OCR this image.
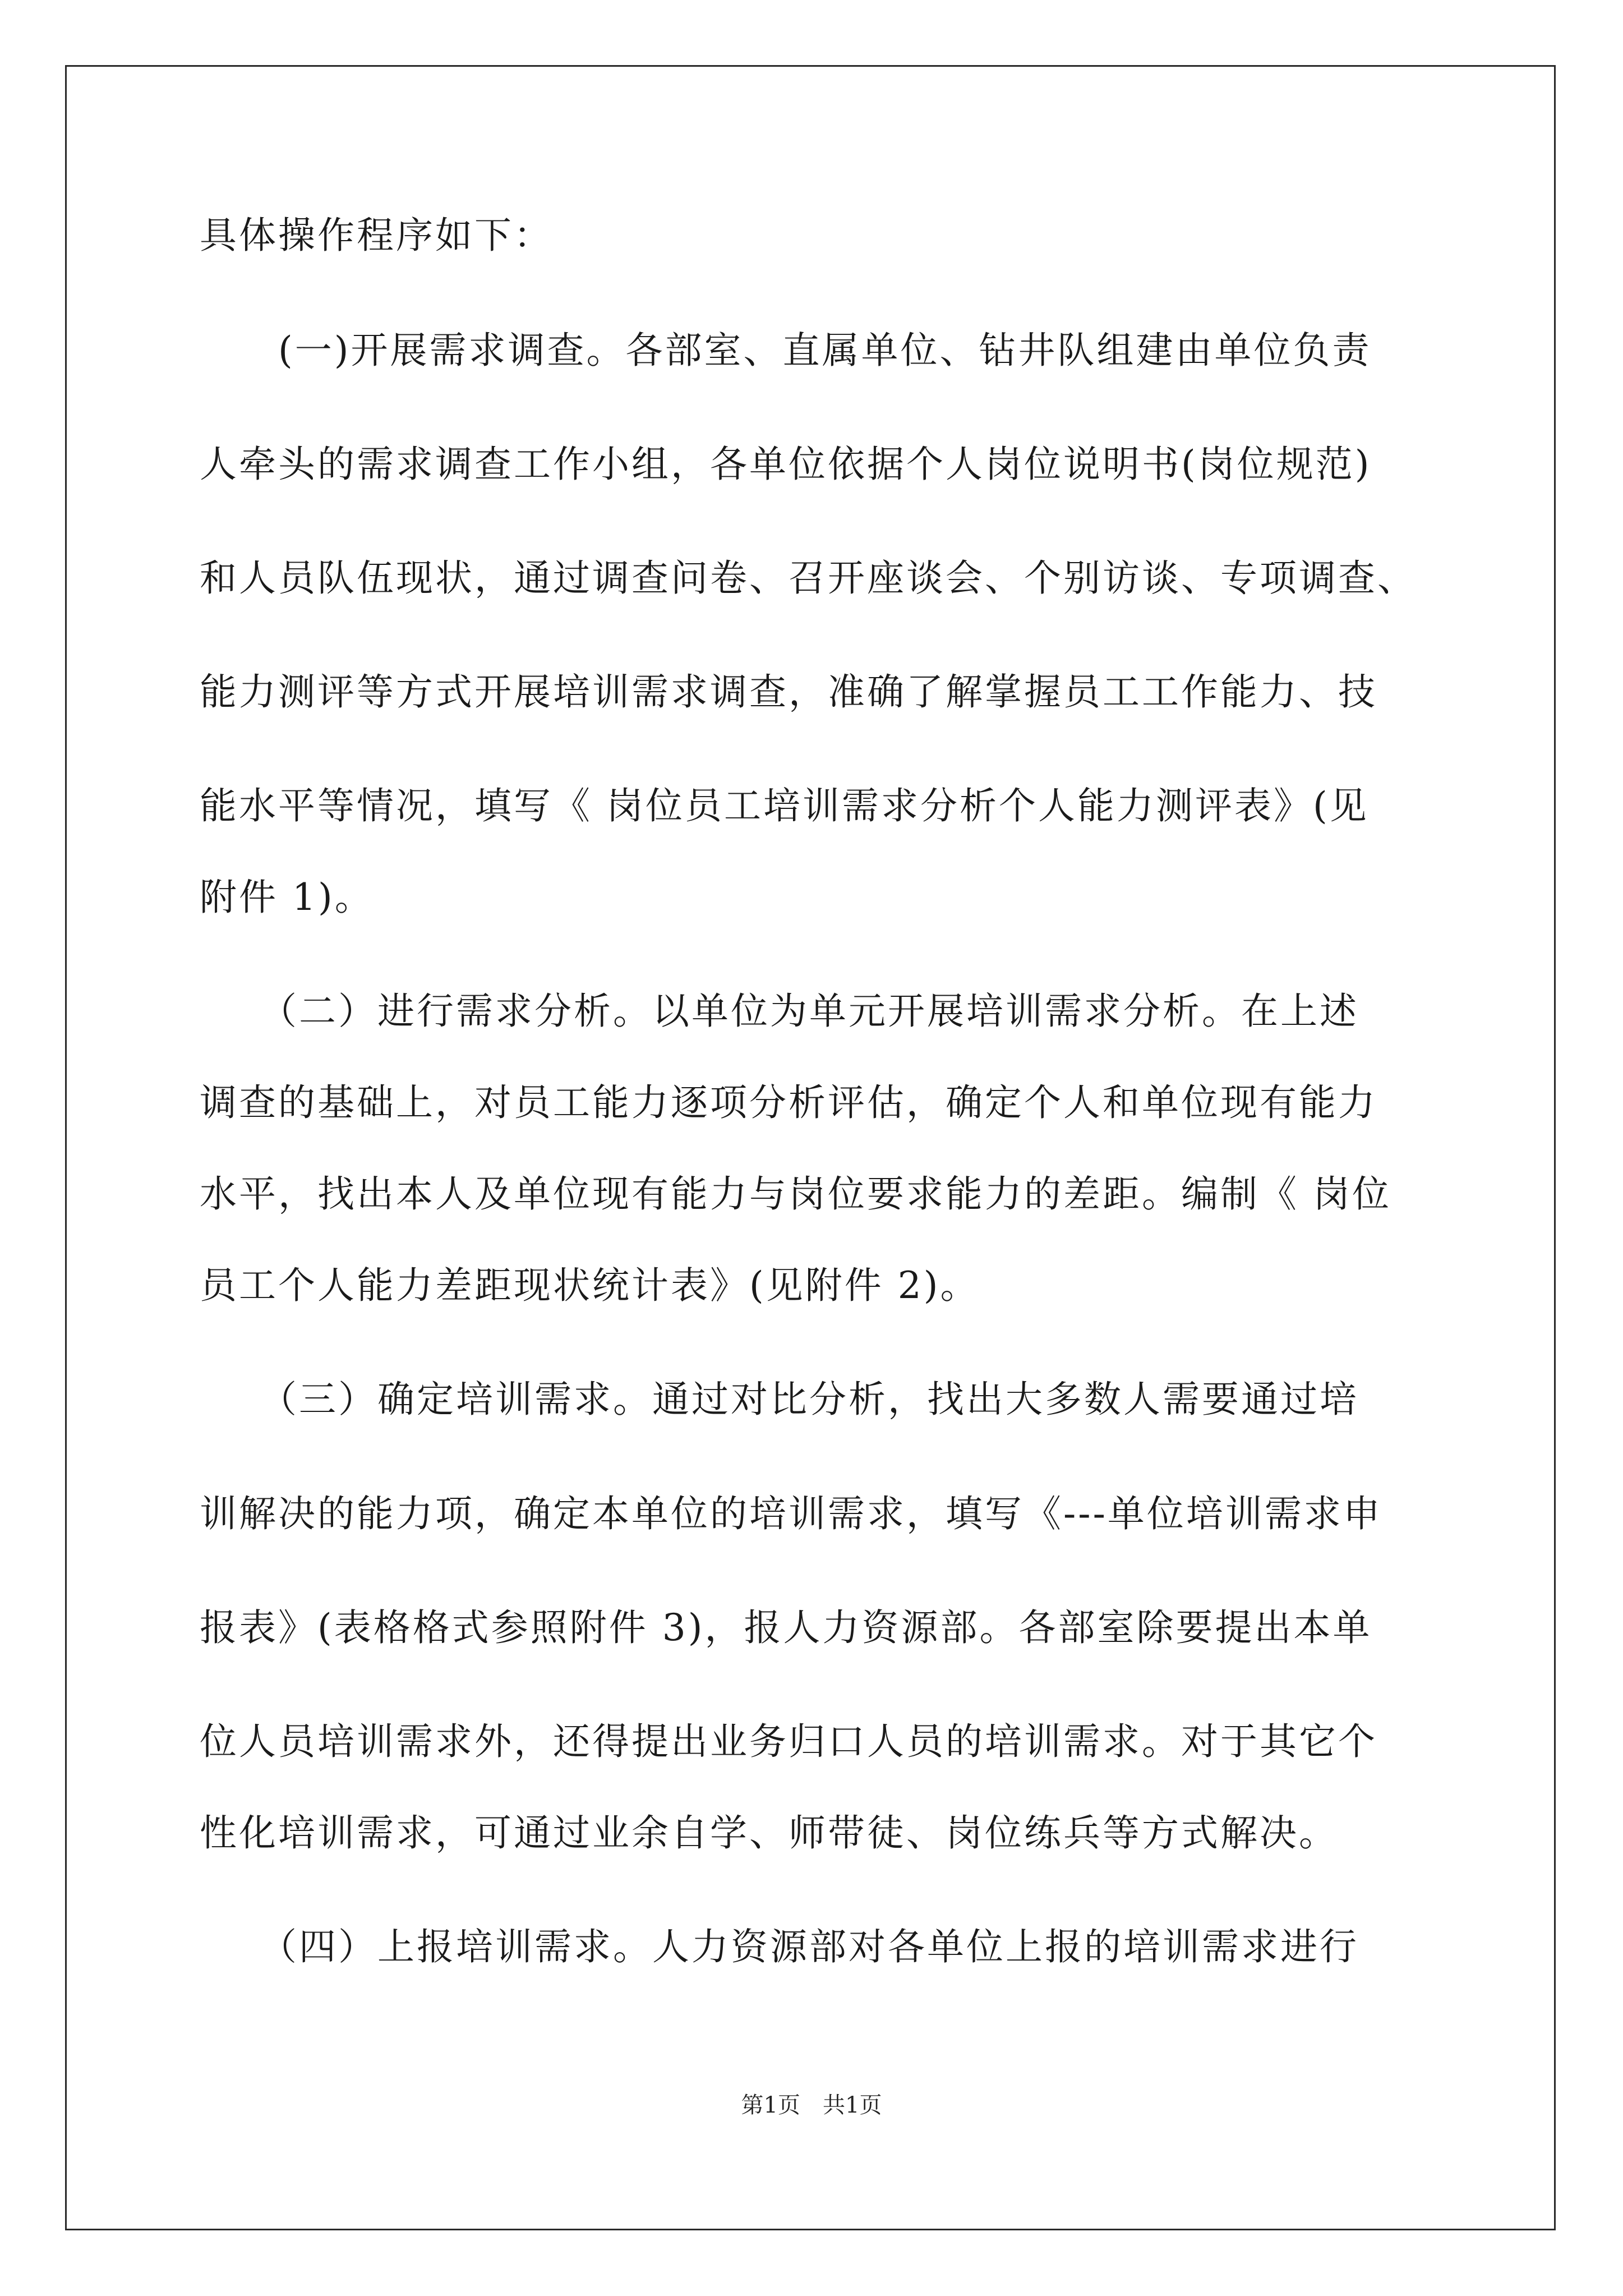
具体操作程序如下：
　　(一)开展需求调查。各部室、直属单位、钻井队组建由单位负责
人牵头的需求调查工作小组，各单位依据个人岗位说明书(岗位规范)
和人员队伍现状，通过调查问卷、召开座谈会、个别访谈、专项调查、
能力测评等方式开展培训需求调查，准确了解掌握员工工作能力、技
能水平等情况，填写《 岗位员工培训需求分析个人能力测评表》(见
附件 1)。
　　（二）进行需求分析。以单位为单元开展培训需求分析。在上述
调查的基础上，对员工能力逐项分析评估，确定个人和单位现有能力
水平，找出本人及单位现有能力与岗位要求能力的差距。编制《 岗位
员工个人能力差距现状统计表》(见附件 2)。
　　（三）确定培训需求。通过对比分析，找出大多数人需要通过培
训解决的能力项，确定本单位的培训需求，填写《---单位培训需求申
报表》(表格格式参照附件 3)，报人力资源部。各部室除要提出本单
位人员培训需求外，还得提出业务归口人员的培训需求。对于其它个
性化培训需求，可通过业余自学、师带徒、岗位练兵等方式解决。
　　（四）上报培训需求。人力资源部对各单位上报的培训需求进行
第1页　共1页
